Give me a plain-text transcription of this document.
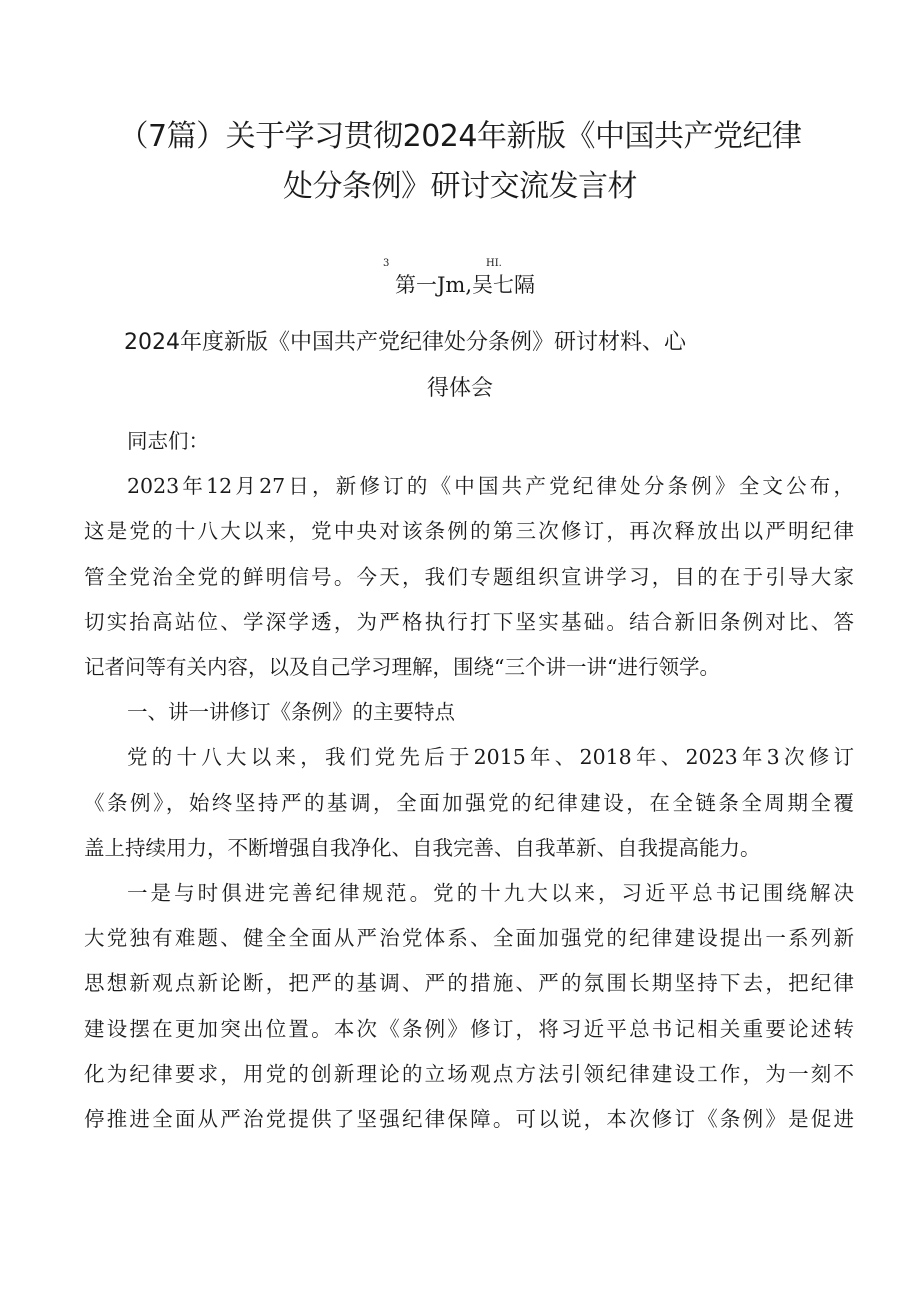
（7篇）关于学习贯彻2024年新版《中国共产党纪律
处分条例》研讨交流发言材
3	HI.
第一Jm,吴七隔
2024年度新版《中国共产党纪律处分条例》研讨材料、心
得体会

同志们：

2023年12月27日，新修订的《中国共产党纪律处分条例》全文公布，
这是党的十八大以来，党中央对该条例的第三次修订，再次释放出以严明纪律
管全党治全党的鲜明信号。今天，我们专题组织宣讲学习，目的在于引导大家
切实抬高站位、学深学透，为严格执行打下坚实基础。结合新旧条例对比、答
记者问等有关内容，以及自己学习理解，围绕“三个讲一讲“进行领学。

一、讲一讲修订《条例》的主要特点

党的十八大以来，我们党先后于2015年、2018年、2023年3次修订
《条例》，始终坚持严的基调，全面加强党的纪律建设，在全链条全周期全覆
盖上持续用力，不断增强自我净化、自我完善、自我革新、自我提高能力。

一是与时俱进完善纪律规范。党的十九大以来，习近平总书记围绕解决
大党独有难题、健全全面从严治党体系、全面加强党的纪律建设提出一系列新
思想新观点新论断，把严的基调、严的措施、严的氛围长期坚持下去，把纪律
建设摆在更加突出位置。本次《条例》修订，将习近平总书记相关重要论述转
化为纪律要求，用党的创新理论的立场观点方法引领纪律建设工作，为一刻不
停推进全面从严治党提供了坚强纪律保障。可以说，本次修订《条例》是促进
